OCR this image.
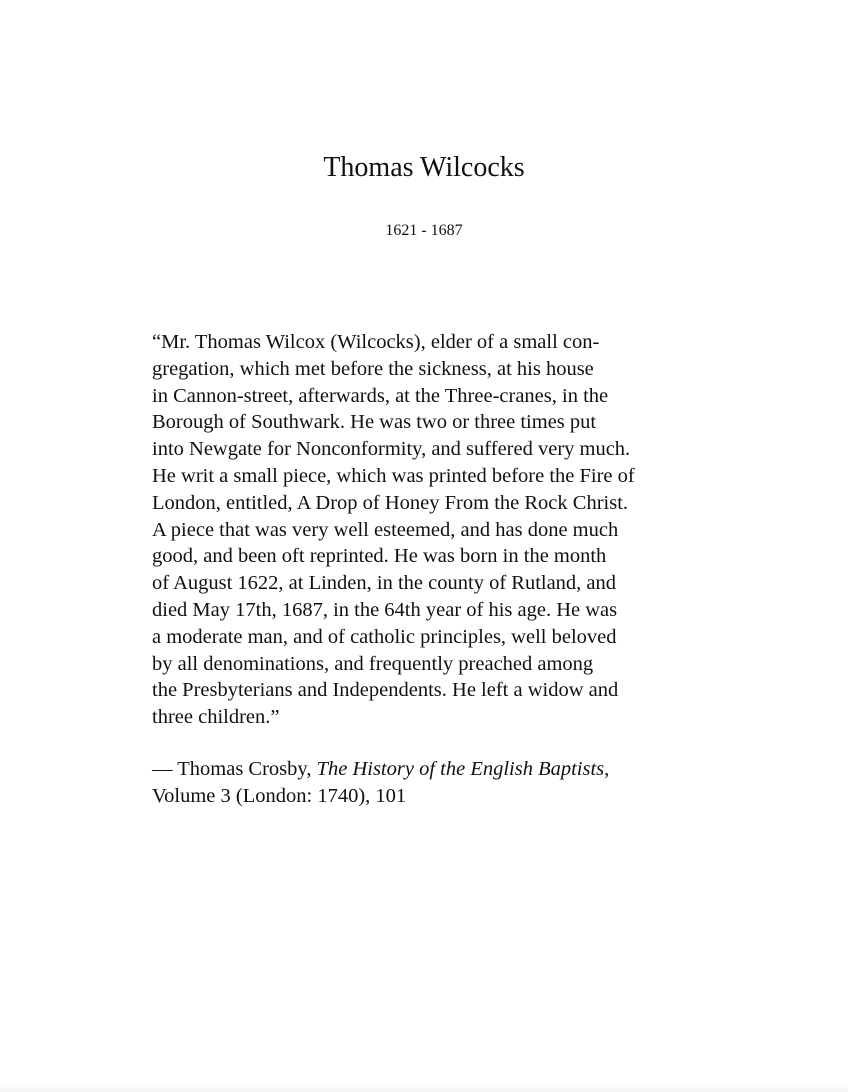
Thomas Wilcocks
1621 - 1687
“Mr. Thomas Wilcox (Wilcocks), elder of a small con-
gregation, which met before the sickness, at his house
in Cannon-street, afterwards, at the Three-cranes, in the
Borough of Southwark. He was two or three times put
into Newgate for Nonconformity, and suffered very much.
He writ a small piece, which was printed before the Fire of
London, entitled, A Drop of Honey From the Rock Christ.
A piece that was very well esteemed, and has done much
good, and been oft reprinted. He was born in the month
of August 1622, at Linden, in the county of Rutland, and
died May 17th, 1687, in the 64th year of his age. He was
a moderate man, and of catholic principles, well beloved
by all denominations, and frequently preached among
the Presbyterians and Independents. He left a widow and
three children.”
— Thomas Crosby, The History of the English Baptists,
Volume 3 (London: 1740), 101
